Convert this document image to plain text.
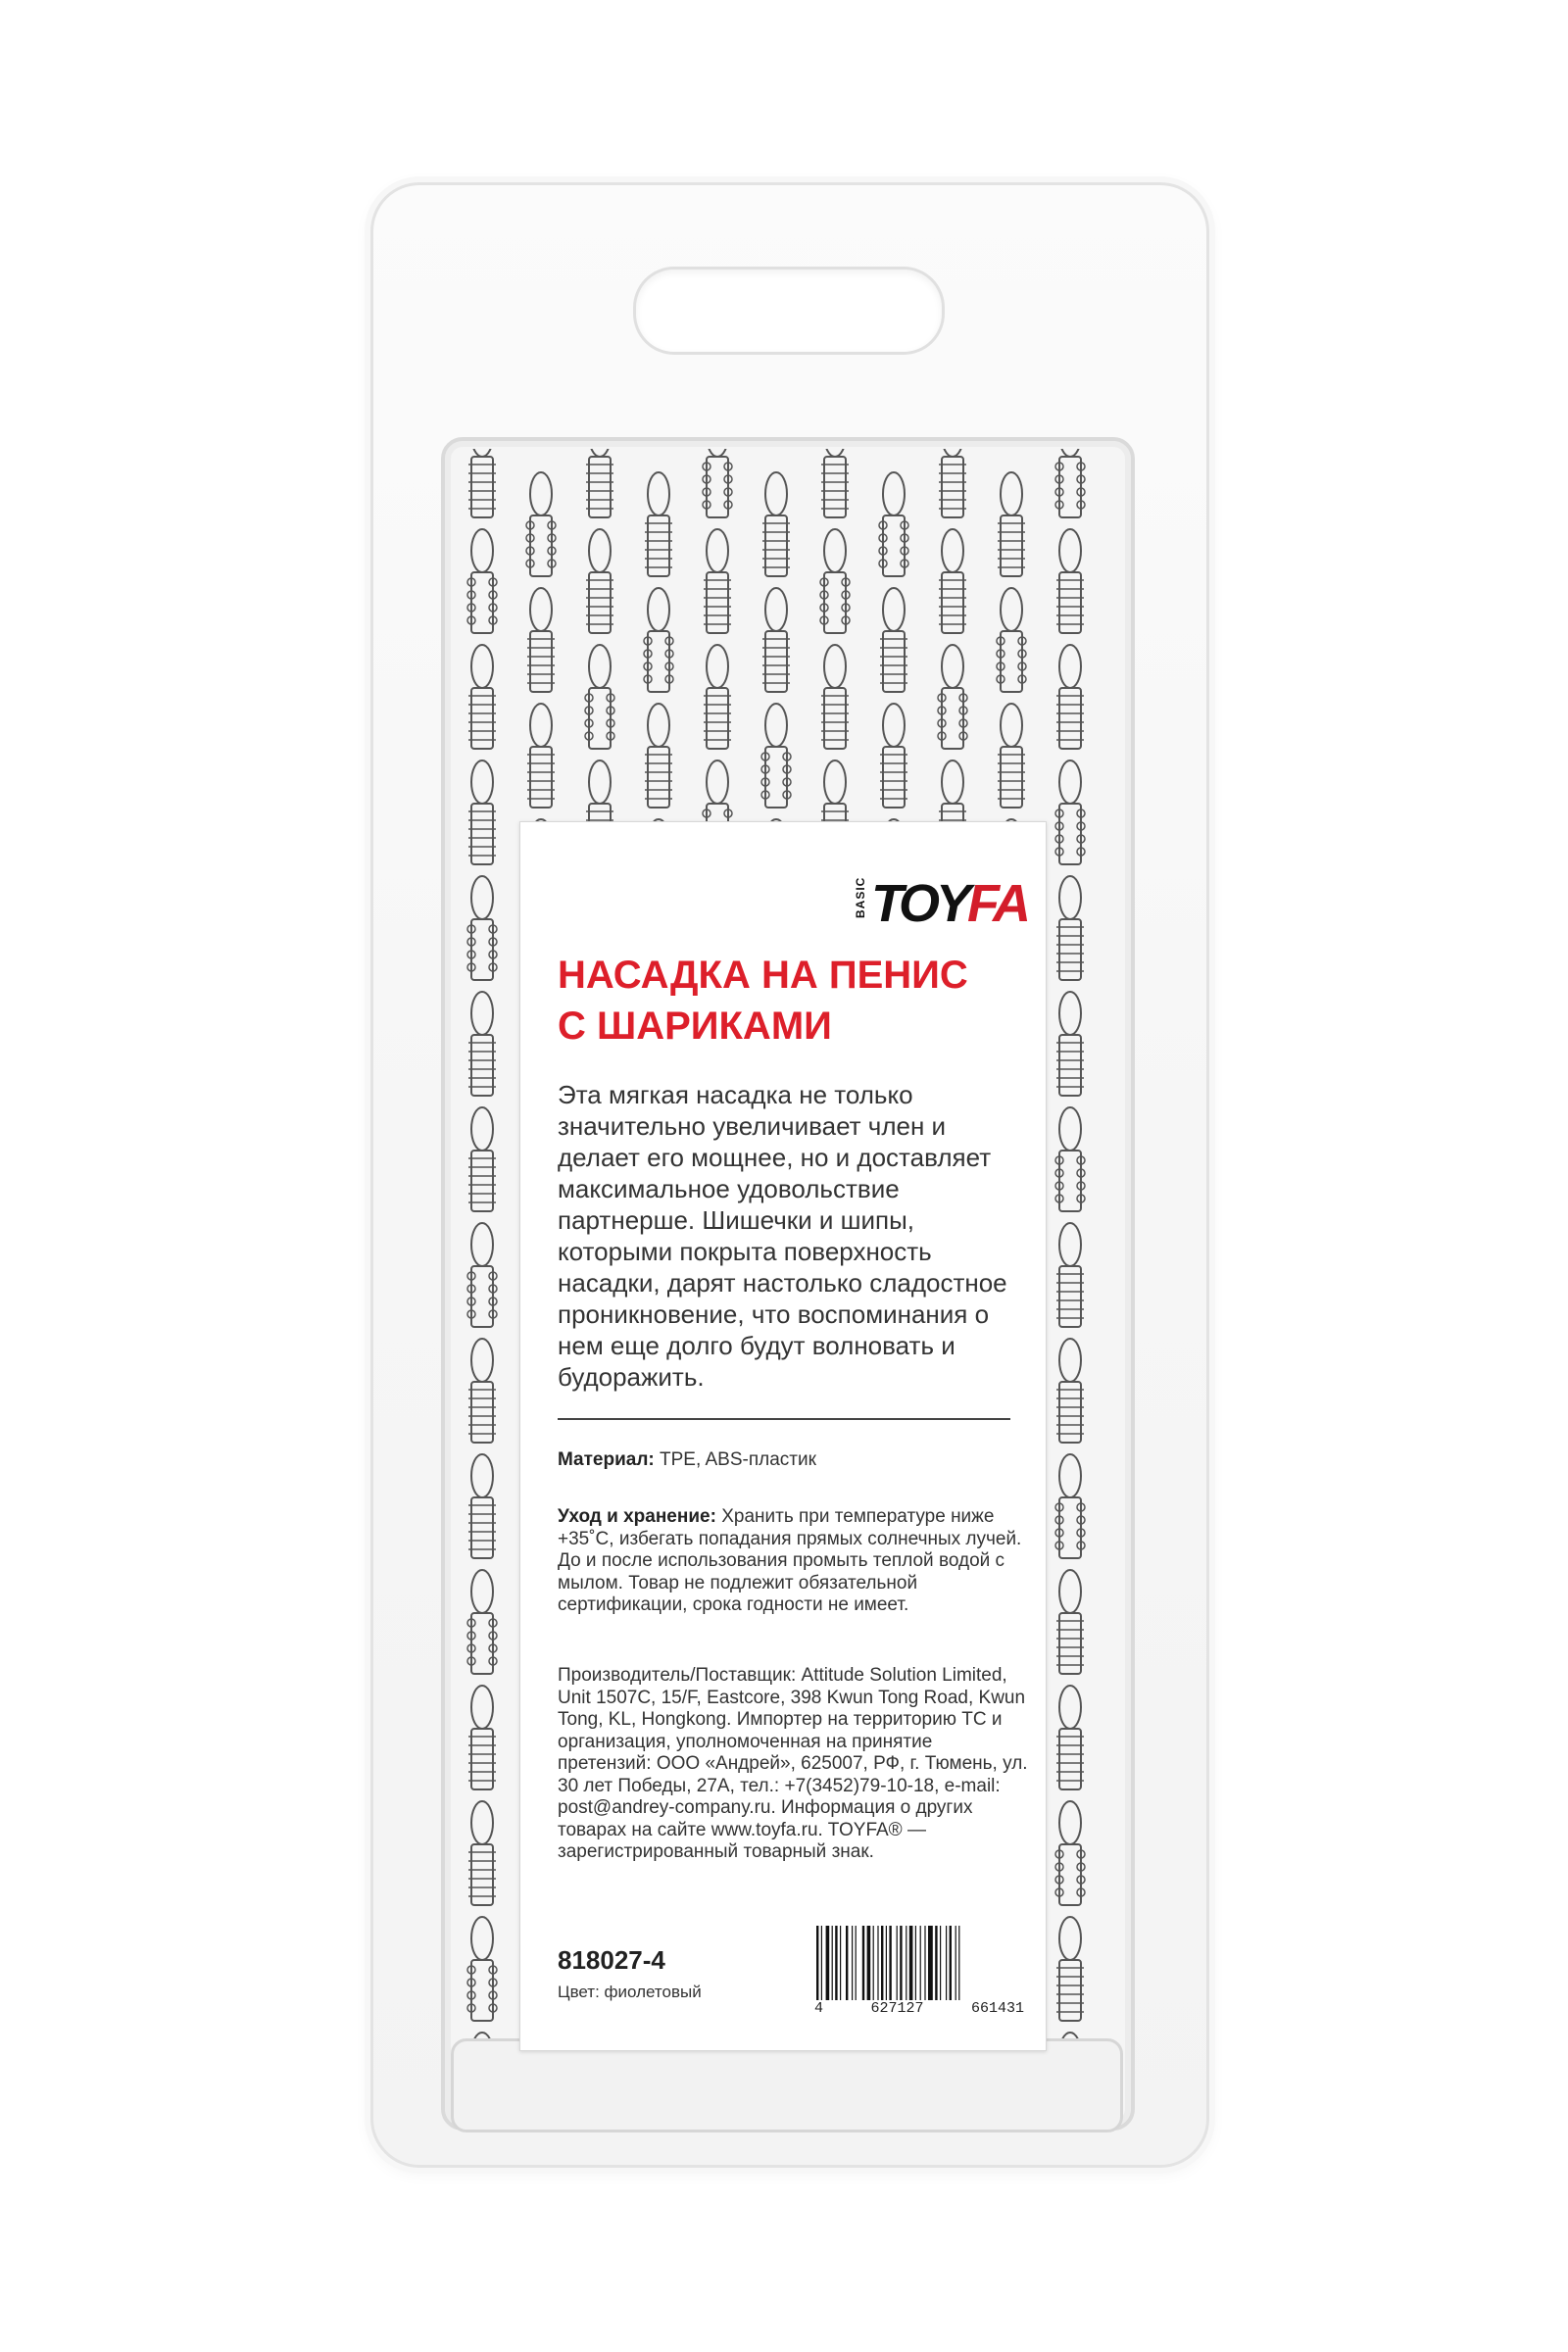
BASIC TOYFA
НАСАДКА НА ПЕНИС
С ШАРИКАМИ
Эта мягкая насадка не только значительно увеличивает член и делает его мощнее, но и доставляет максимальное удовольствие партнерше. Шишечки и шипы, которыми покрыта поверхность насадки, дарят настолько сладостное проникновение, что воспоминания о нем еще долго будут волновать и будоражить.
Материал: TPE, ABS-пластик
Уход и хранение: Хранить при температуре ниже +35˚С, избегать попадания прямых солнечных лучей. До и после использования промыть теплой водой с мылом. Товар не подлежит обязательной сертификации, срока годности не имеет.
Производитель/Поставщик: Attitude Solution Limited, Unit 1507C, 15/F, Eastcore, 398 Kwun Tong Road, Kwun Tong, KL, Hongkong. Импортер на территорию ТС и организация, уполномоченная на принятие претензий: ООО «Андрей», 625007, РФ, г. Тюмень, ул. 30 лет Победы, 27А, тел.: +7(3452)79-10-18, e-mail: post@andrey-company.ru. Информация о других товарах на сайте www.toyfa.ru. TOYFA® — зарегистрированный товарный знак.
818027-4
Цвет: фиолетовый
4	627127	661431
